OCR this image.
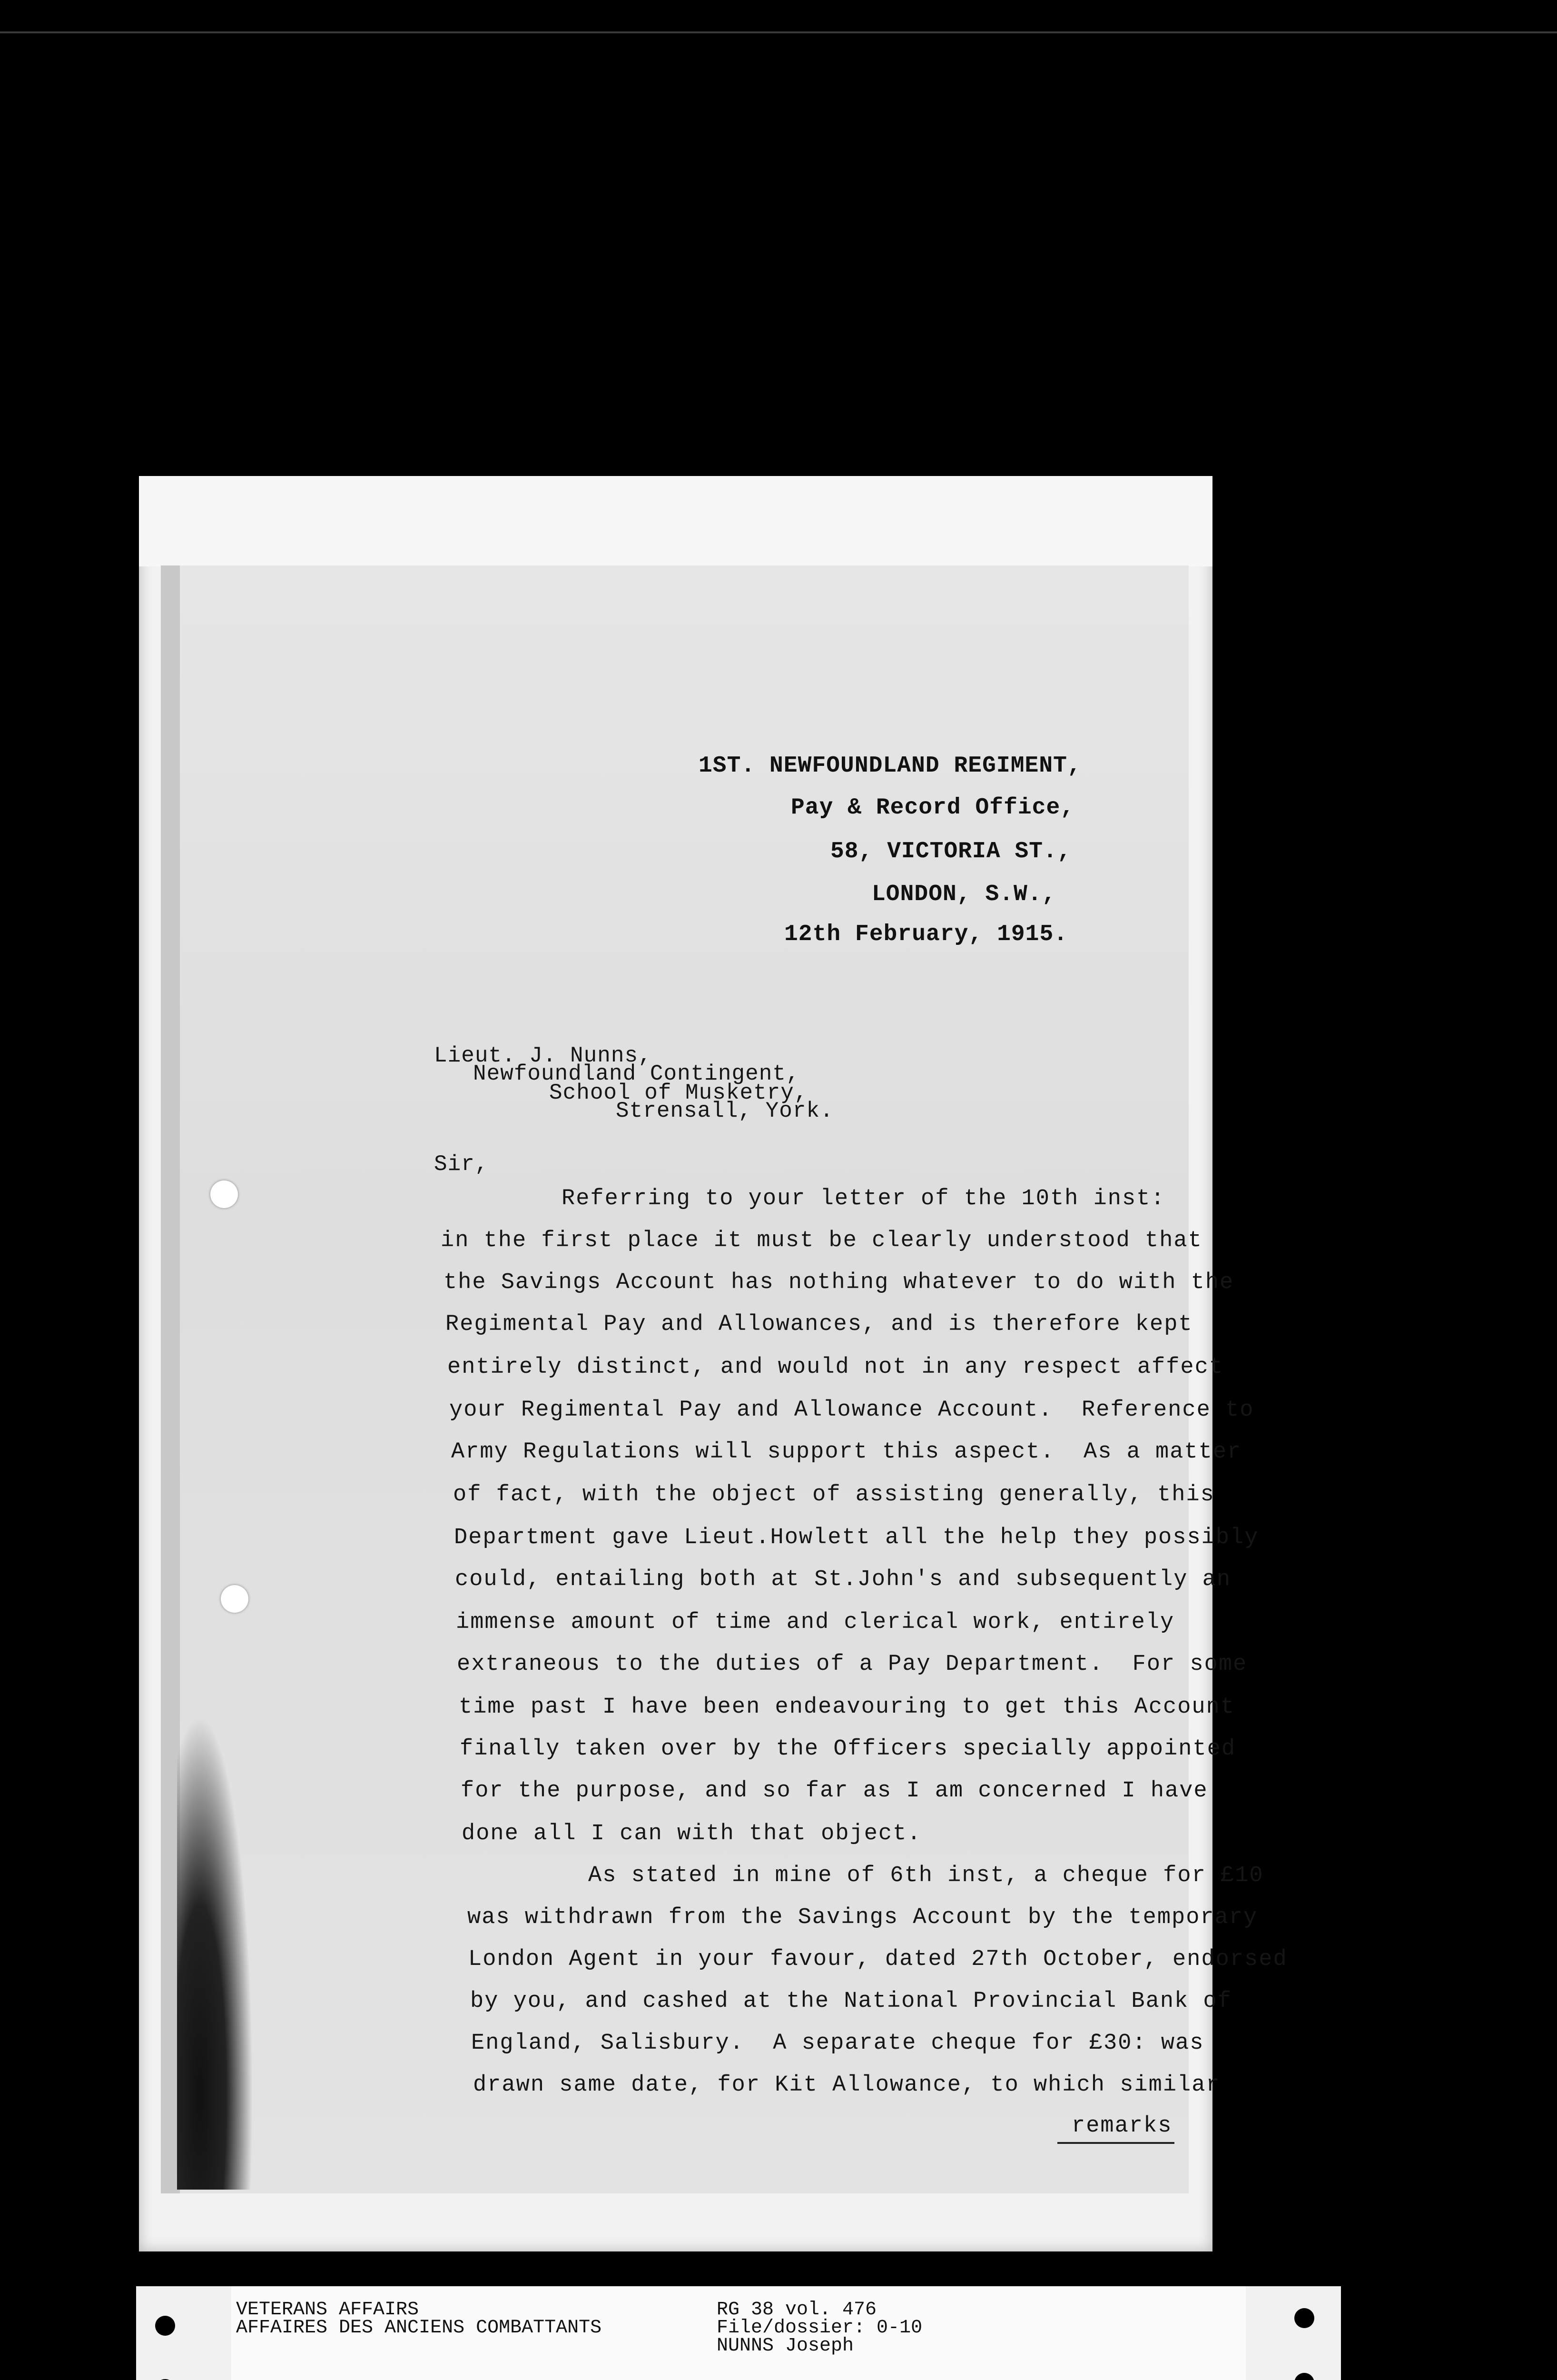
1ST. NEWFOUNDLAND REGIMENT,
Pay & Record Office,
58, VICTORIA ST.,
LONDON, S.W.,
12th February, 1915.
Lieut. J. Nunns,
Newfoundland Contingent,
School of Musketry,
Strensall, York.
Sir,
Referring to your letter of the 10th inst:
in the first place it must be clearly understood that
the Savings Account has nothing whatever to do with the
Regimental Pay and Allowances, and is therefore kept
entirely distinct, and would not in any respect affect
your Regimental Pay and Allowance Account.  Reference to
Army Regulations will support this aspect.  As a matter
of fact, with the object of assisting generally, this
Department gave Lieut.Howlett all the help they possibly
could, entailing both at St.John's and subsequently an
immense amount of time and clerical work, entirely
extraneous to the duties of a Pay Department.  For some
time past I have been endeavouring to get this Account
finally taken over by the Officers specially appointed
for the purpose, and so far as I am concerned I have
done all I can with that object.
As stated in mine of 6th inst, a cheque for £10
was withdrawn from the Savings Account by the temporary
London Agent in your favour, dated 27th October, endorsed
by you, and cashed at the National Provincial Bank of
England, Salisbury.  A separate cheque for £30: was
drawn same date, for Kit Allowance, to which similar
remarks
VETERANS AFFAIRS
AFFAIRES DES ANCIENS COMBATTANTS
RG 38 vol. 476
File/dossier: 0-10
NUNNS Joseph
